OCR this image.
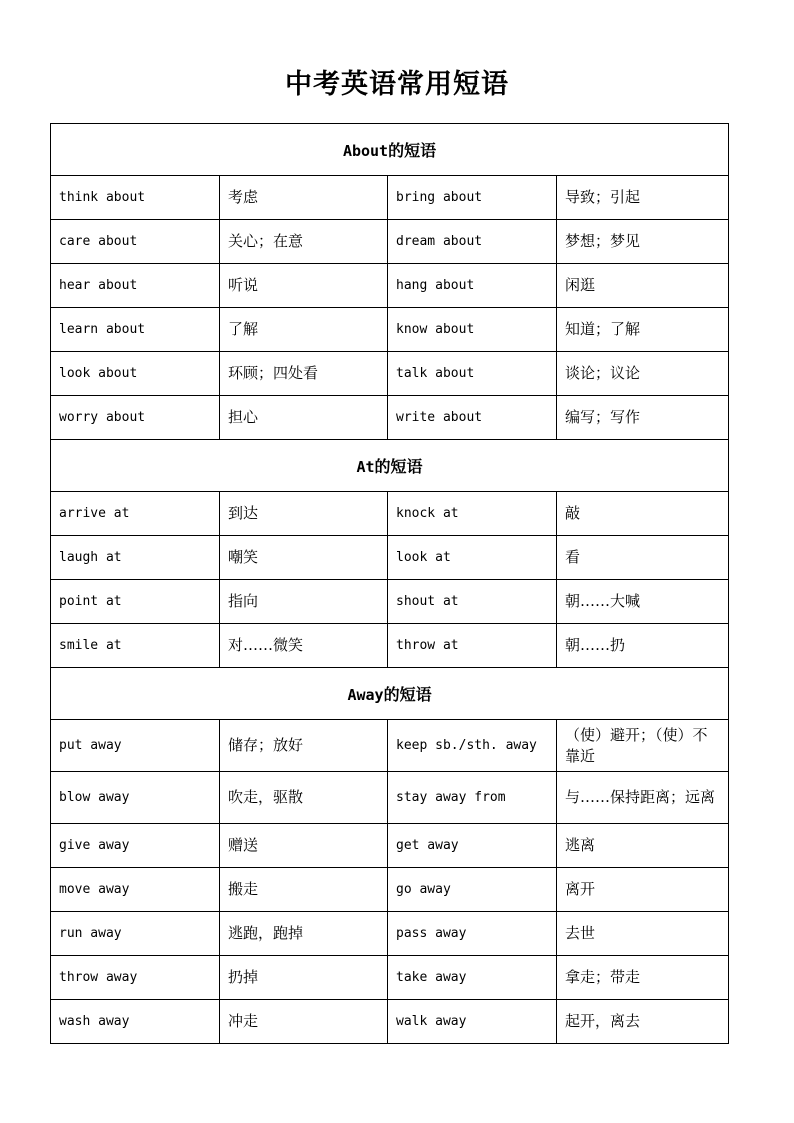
中考英语常用短语
About的短语			
think about	考虑	bring about	导致；引起
care about	关心；在意	dream about	梦想；梦见
hear about	听说	hang about	闲逛
learn about	了解	know about	知道；了解
look about	环顾；四处看	talk about	谈论；议论
worry about	担心	write about	编写；写作
At的短语			
arrive at	到达	knock at	敲
laugh at	嘲笑	look at	看
point at	指向	shout at	朝……大喊
smile at	对……微笑	throw at	朝……扔
Away的短语			
put away	储存；放好	keep sb./sth. away	（使）避开；（使）不靠近
blow away	吹走，驱散	stay away from	与……保持距离；远离
give away	赠送	get away	逃离
move away	搬走	go away	离开
run away	逃跑，跑掉	pass away	去世
throw away	扔掉	take away	拿走；带走
wash away	冲走	walk away	起开，离去
